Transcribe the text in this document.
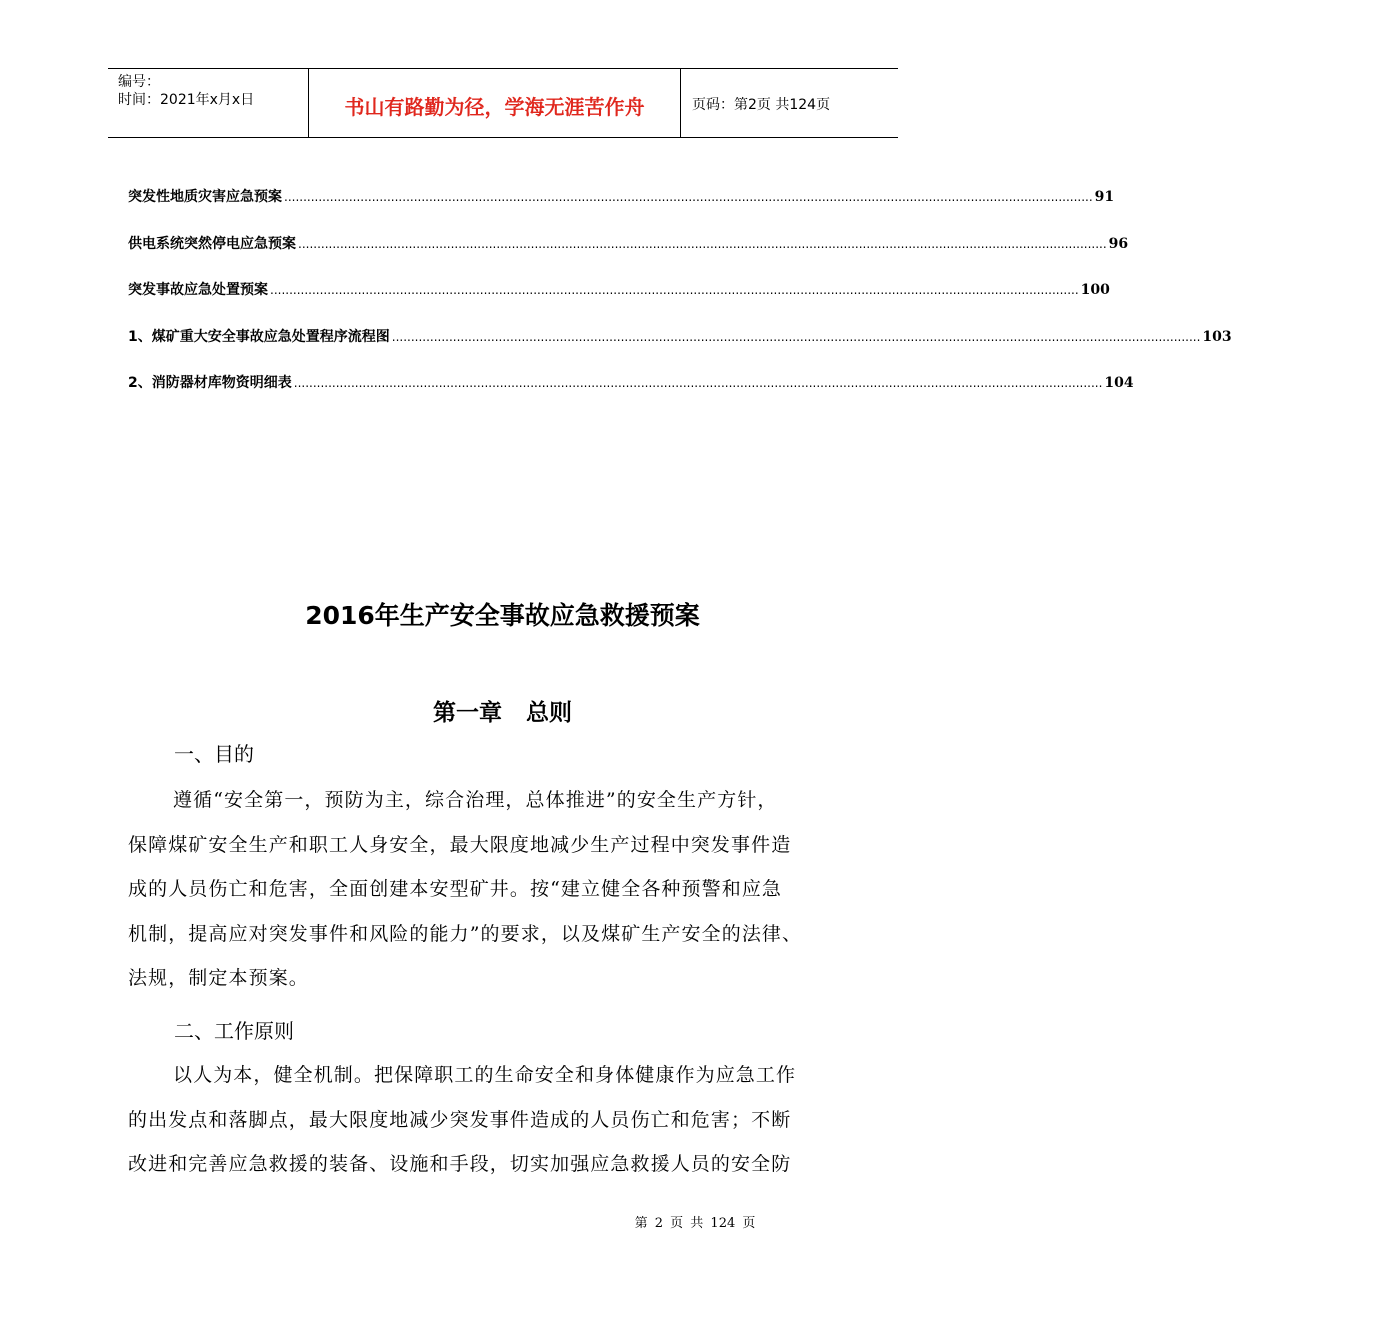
编号：
时间：2021年x月x日	书山有路勤为径，学海无涯苦作舟	页码：第2页 共124页
突发性地质灾害应急预案 .................................................................................................................................................................................................................... 91
供电系统突然停电应急预案 .................................................................................................................................................................................................................... 96
突发事故应急处置预案 .................................................................................................................................................................................................................... 100
1、煤矿重大安全事故应急处置程序流程图 .................................................................................................................................................................................................................... 103
2、消防器材库物资明细表 .................................................................................................................................................................................................................... 104
2016年生产安全事故应急救援预案
第一章   总则
一、目的
遵循“安全第一，预防为主，综合治理，总体推进”的安全生产方针，
保障煤矿安全生产和职工人身安全，最大限度地减少生产过程中突发事件造
成的人员伤亡和危害，全面创建本安型矿井。按“建立健全各种预警和应急
机制，提高应对突发事件和风险的能力”的要求，以及煤矿生产安全的法律、
法规，制定本预案。
二、工作原则
以人为本，健全机制。把保障职工的生命安全和身体健康作为应急工作
的出发点和落脚点，最大限度地减少突发事件造成的人员伤亡和危害；不断
改进和完善应急救援的装备、设施和手段，切实加强应急救援人员的安全防
第 2 页 共 124 页
